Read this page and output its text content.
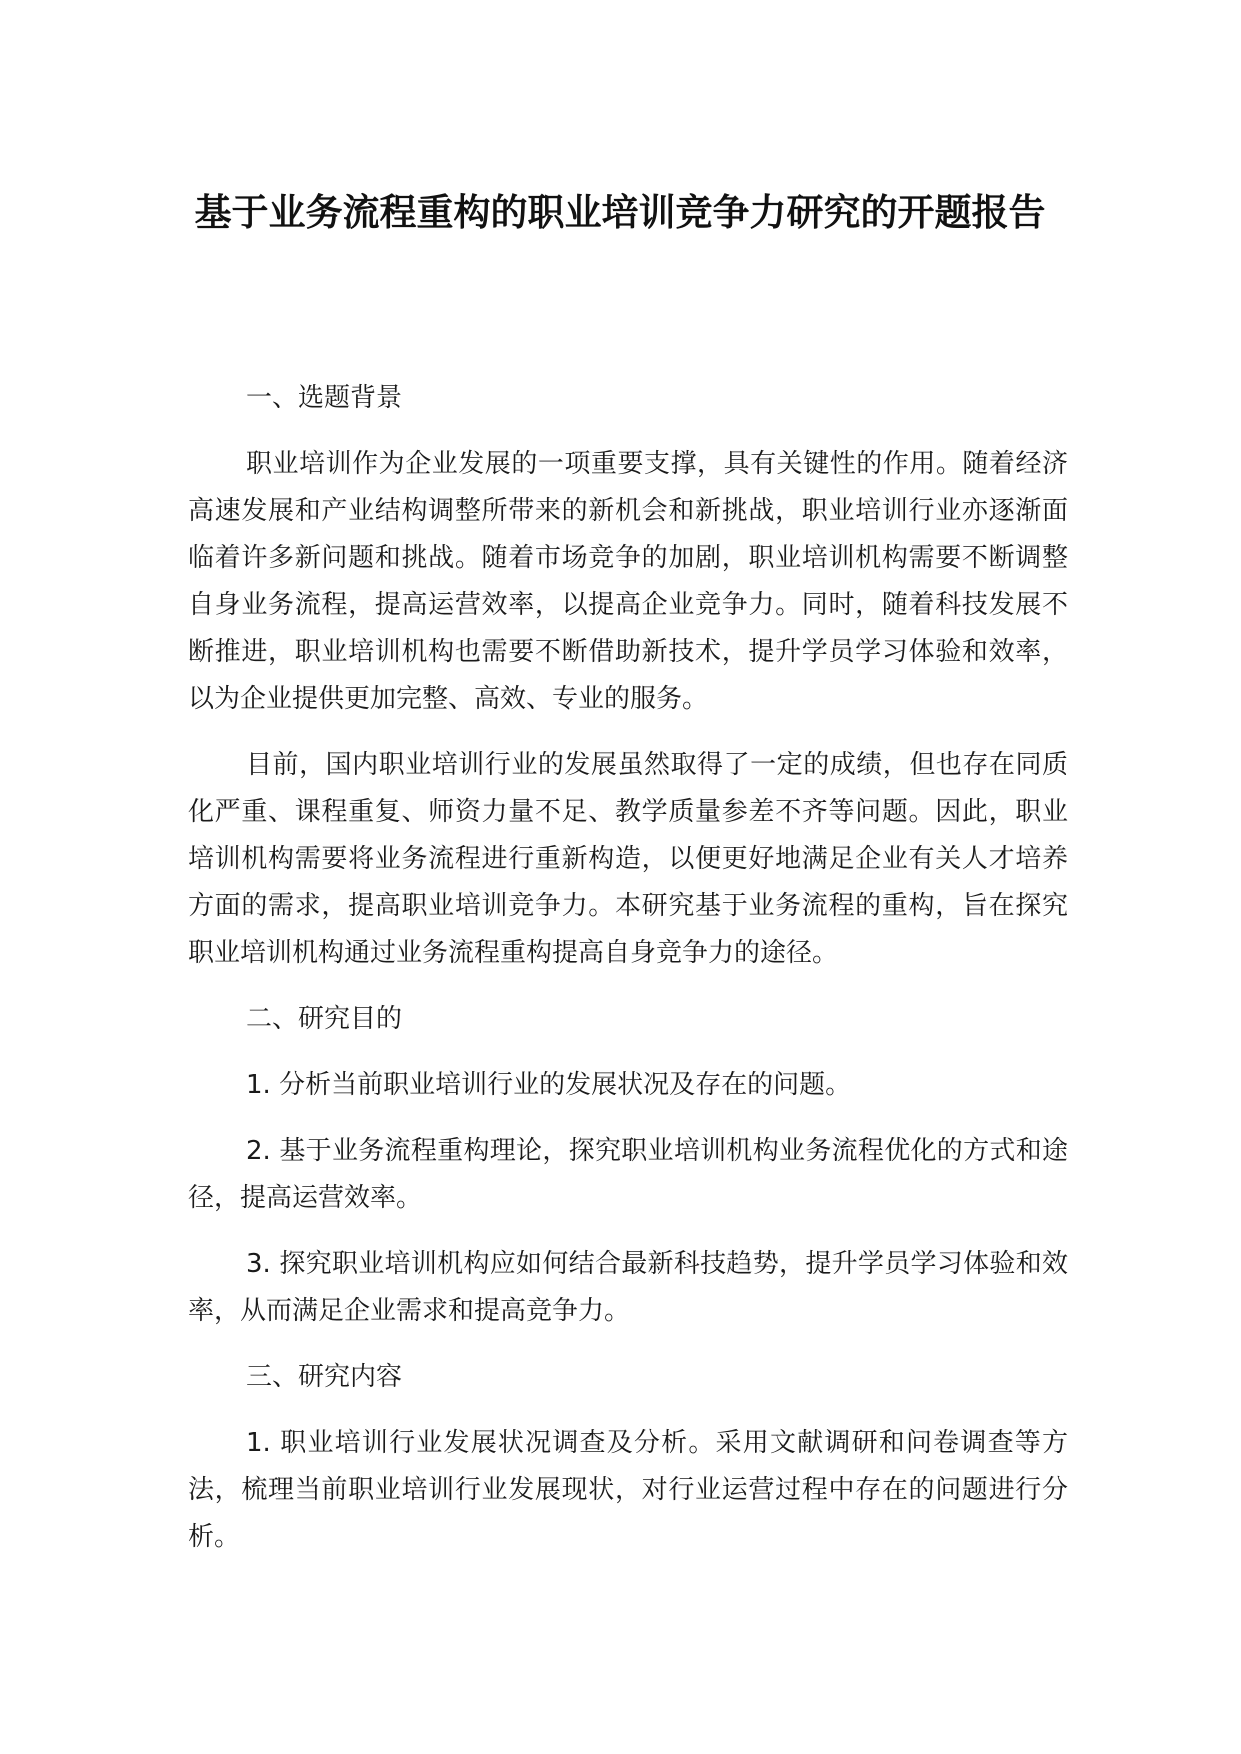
基于业务流程重构的职业培训竞争力研究的开题报告

一、选题背景

职业培训作为企业发展的一项重要支撑，具有关键性的作用。随着经济高速发展和产业结构调整所带来的新机会和新挑战，职业培训行业亦逐渐面临着许多新问题和挑战。随着市场竞争的加剧，职业培训机构需要不断调整自身业务流程，提高运营效率，以提高企业竞争力。同时，随着科技发展不断推进，职业培训机构也需要不断借助新技术，提升学员学习体验和效率，以为企业提供更加完整、高效、专业的服务。

目前，国内职业培训行业的发展虽然取得了一定的成绩，但也存在同质化严重、课程重复、师资力量不足、教学质量参差不齐等问题。因此，职业培训机构需要将业务流程进行重新构造，以便更好地满足企业有关人才培养方面的需求，提高职业培训竞争力。本研究基于业务流程的重构，旨在探究职业培训机构通过业务流程重构提高自身竞争力的途径。

二、研究目的

1. 分析当前职业培训行业的发展状况及存在的问题。

2. 基于业务流程重构理论，探究职业培训机构业务流程优化的方式和途径，提高运营效率。

3. 探究职业培训机构应如何结合最新科技趋势，提升学员学习体验和效率，从而满足企业需求和提高竞争力。

三、研究内容

1. 职业培训行业发展状况调查及分析。采用文献调研和问卷调查等方法，梳理当前职业培训行业发展现状，对行业运营过程中存在的问题进行分析。
